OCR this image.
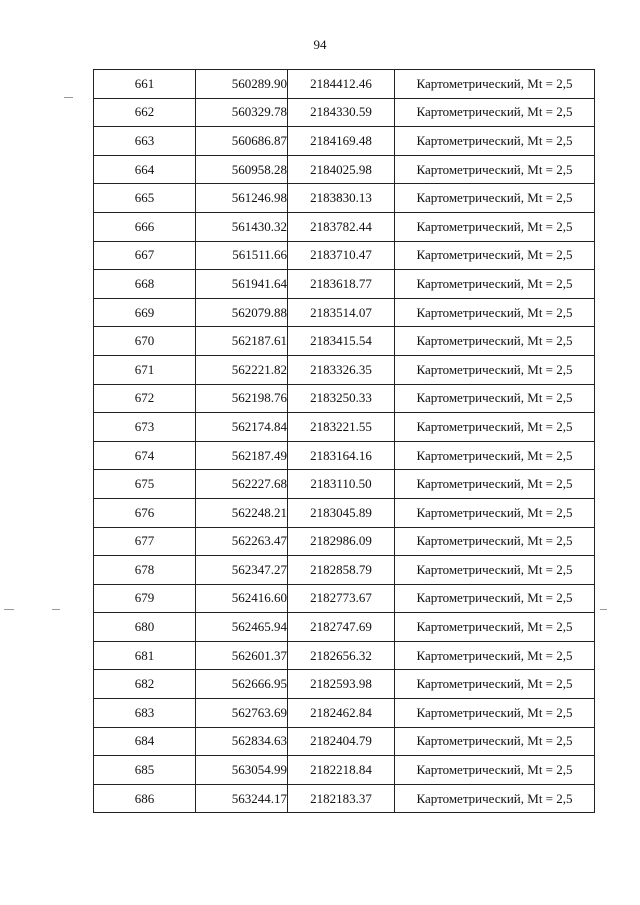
94
661	560289.90	2184412.46	Картометрический, Mt = 2,5
662	560329.78	2184330.59	Картометрический, Mt = 2,5
663	560686.87	2184169.48	Картометрический, Mt = 2,5
664	560958.28	2184025.98	Картометрический, Mt = 2,5
665	561246.98	2183830.13	Картометрический, Mt = 2,5
666	561430.32	2183782.44	Картометрический, Mt = 2,5
667	561511.66	2183710.47	Картометрический, Mt = 2,5
668	561941.64	2183618.77	Картометрический, Mt = 2,5
669	562079.88	2183514.07	Картометрический, Mt = 2,5
670	562187.61	2183415.54	Картометрический, Mt = 2,5
671	562221.82	2183326.35	Картометрический, Mt = 2,5
672	562198.76	2183250.33	Картометрический, Mt = 2,5
673	562174.84	2183221.55	Картометрический, Mt = 2,5
674	562187.49	2183164.16	Картометрический, Mt = 2,5
675	562227.68	2183110.50	Картометрический, Mt = 2,5
676	562248.21	2183045.89	Картометрический, Mt = 2,5
677	562263.47	2182986.09	Картометрический, Mt = 2,5
678	562347.27	2182858.79	Картометрический, Mt = 2,5
679	562416.60	2182773.67	Картометрический, Mt = 2,5
680	562465.94	2182747.69	Картометрический, Mt = 2,5
681	562601.37	2182656.32	Картометрический, Mt = 2,5
682	562666.95	2182593.98	Картометрический, Mt = 2,5
683	562763.69	2182462.84	Картометрический, Mt = 2,5
684	562834.63	2182404.79	Картометрический, Mt = 2,5
685	563054.99	2182218.84	Картометрический, Mt = 2,5
686	563244.17	2182183.37	Картометрический, Mt = 2,5
